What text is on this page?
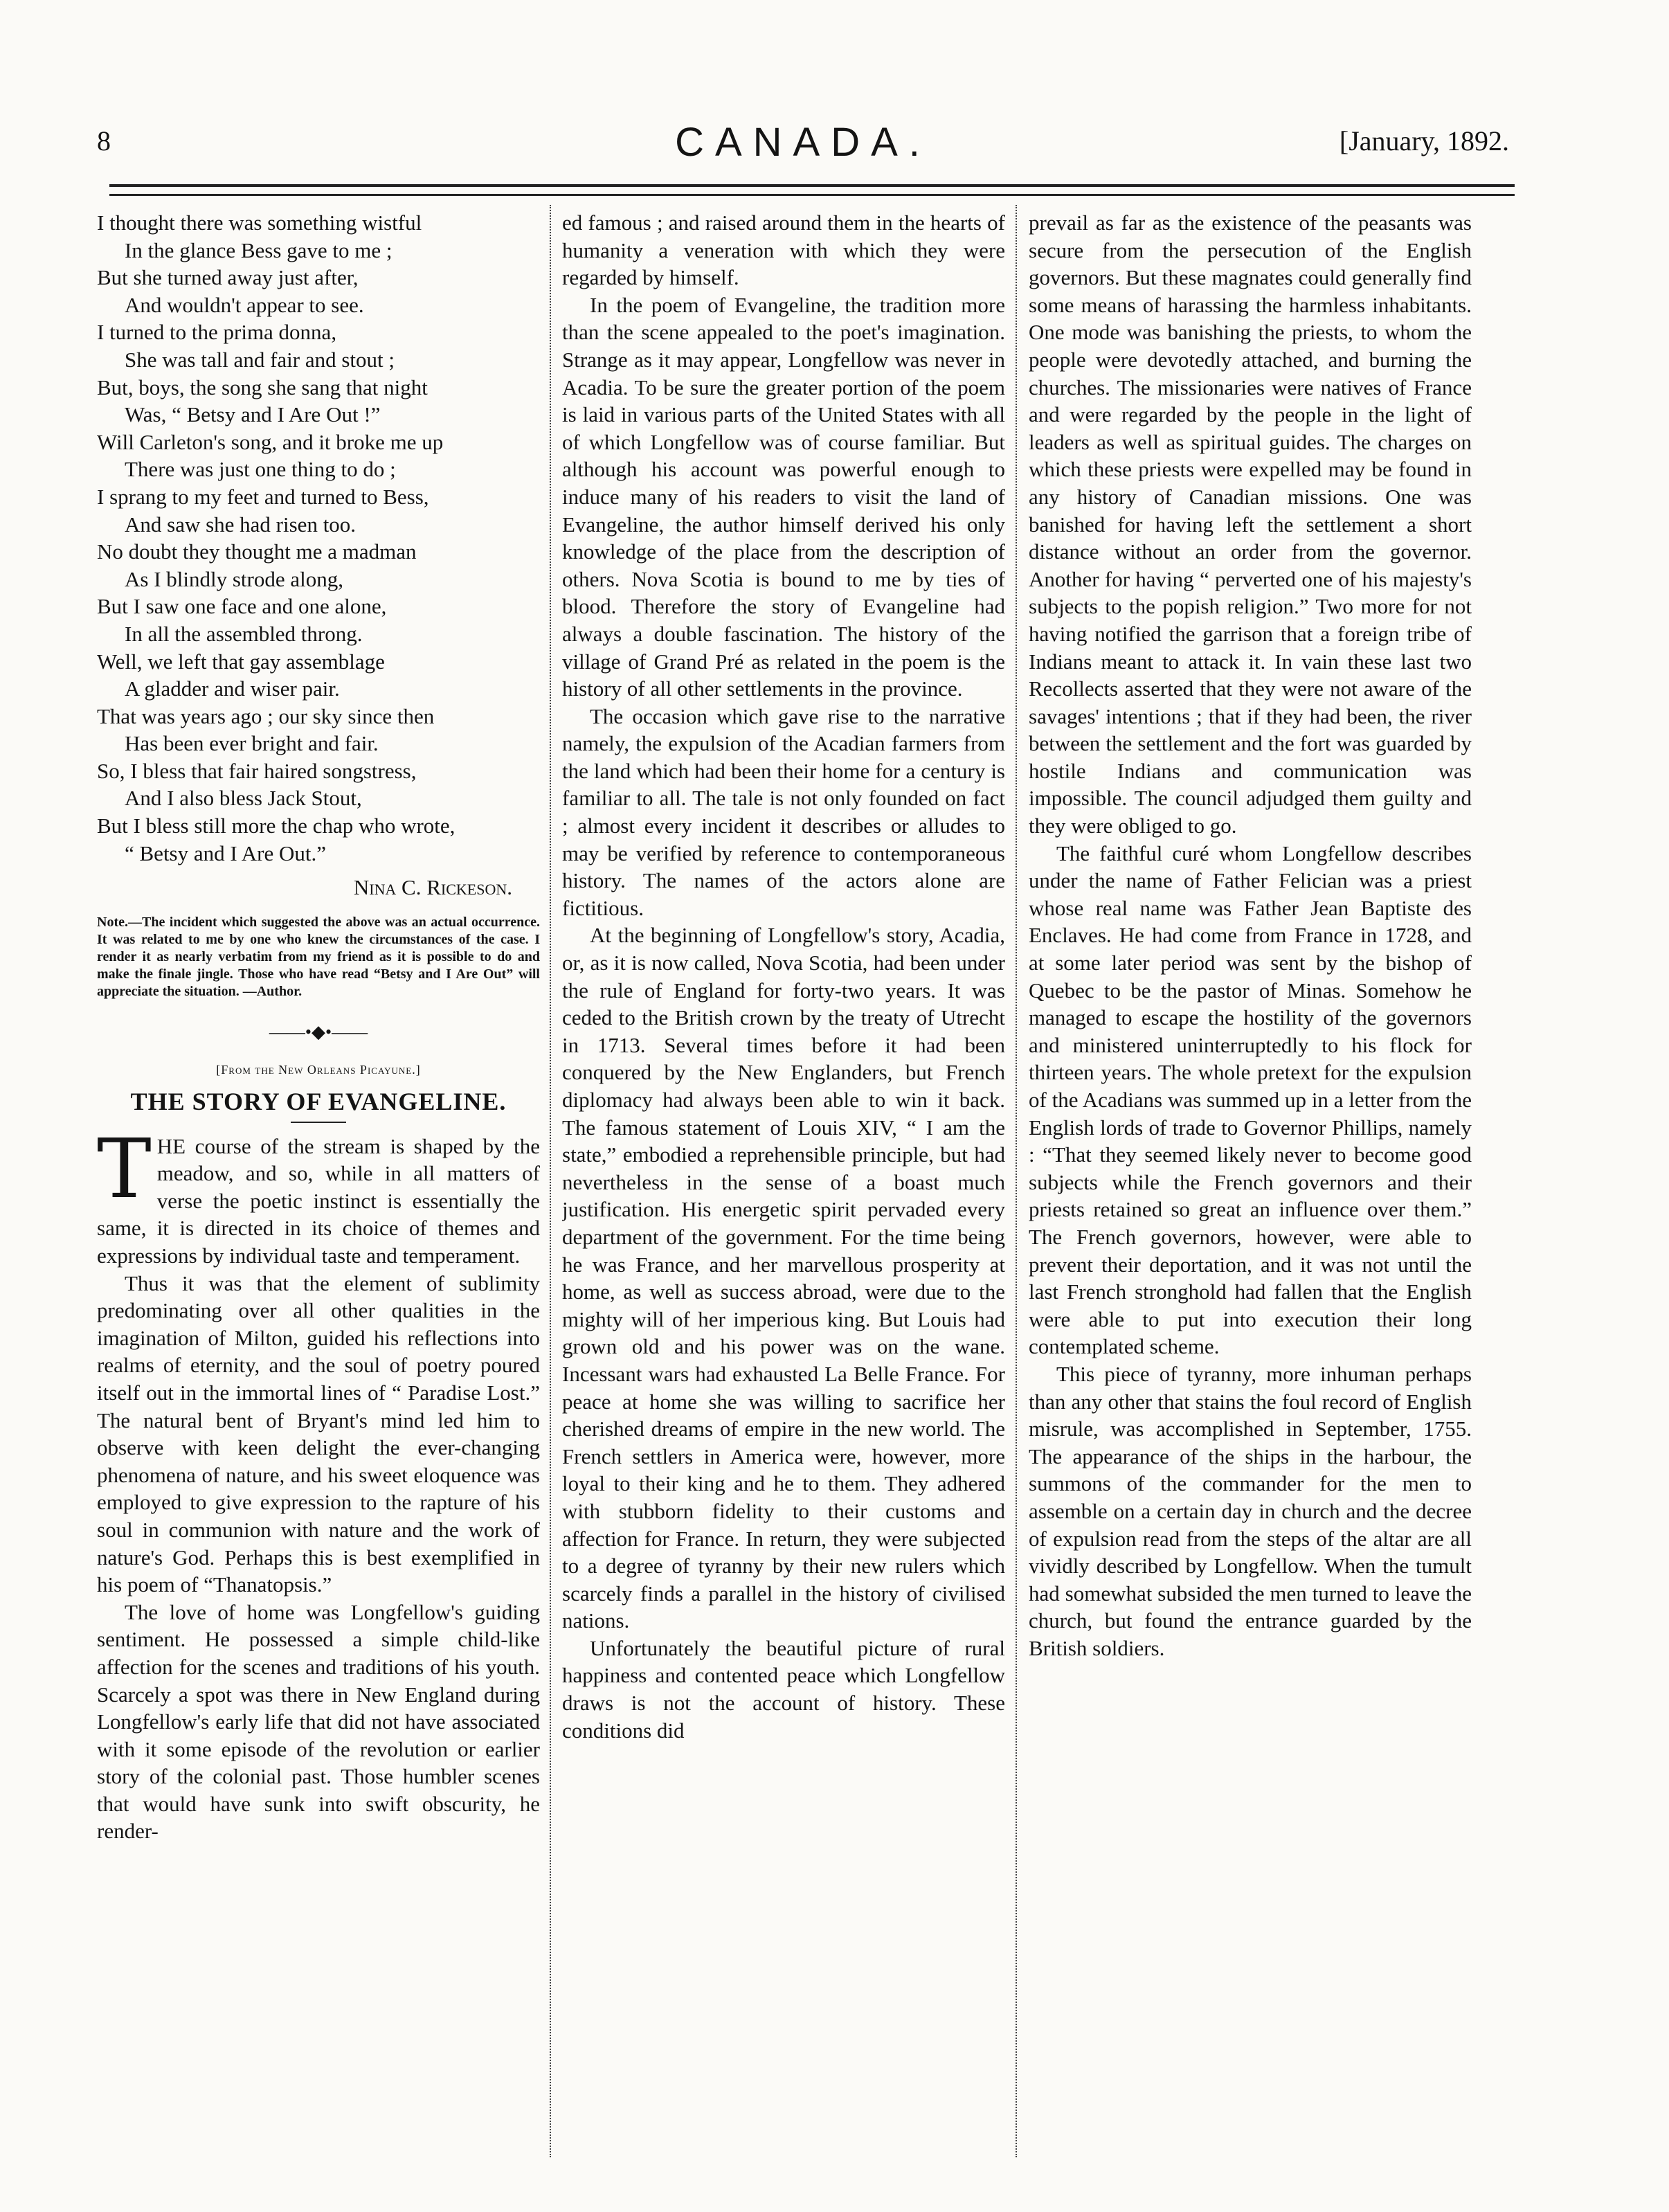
8	CANADA.	[January, 1892.
I thought there was something wistful
In the glance Bess gave to me ;
But she turned away just after,
And wouldn't appear to see.
I turned to the prima donna,
She was tall and fair and stout ;
But, boys, the song she sang that night
Was, “ Betsy and I Are Out !”
Will Carleton's song, and it broke me up
There was just one thing to do ;
I sprang to my feet and turned to Bess,
And saw she had risen too.
No doubt they thought me a madman
As I blindly strode along,
But I saw one face and one alone,
In all the assembled throng.
Well, we left that gay assemblage
A gladder and wiser pair.
That was years ago ; our sky since then
Has been ever bright and fair.
So, I bless that fair haired songstress,
And I also bless Jack Stout,
But I bless still more the chap who wrote,
“ Betsy and I Are Out.”
Nina C. Rickeson.
Note.—The incident which suggested the above was an actual occurrence. It was related to me by one who knew the circumstances of the case. I render it as nearly verbatim from my friend as it is possible to do and make the finale jingle. Those who have read “Betsy and I Are Out” will appreciate the situation. —Author.
——•◆•——
[From the New Orleans Picayune.]
THE STORY OF EVANGELINE.

THE course of the stream is shaped by the meadow, and so, while in all matters of verse the poetic instinct is essentially the same, it is directed in its choice of themes and expressions by individual taste and temperament.

Thus it was that the element of sublimity predominating over all other qualities in the imagination of Milton, guided his reflections into realms of eternity, and the soul of poetry poured itself out in the immortal lines of “ Paradise Lost.” The natural bent of Bryant's mind led him to observe with keen delight the ever-changing phenomena of nature, and his sweet eloquence was employed to give expression to the rapture of his soul in communion with nature and the work of nature's God. Perhaps this is best exemplified in his poem of “Thanatopsis.”

The love of home was Longfellow's guiding sentiment. He possessed a simple child-like affection for the scenes and traditions of his youth. Scarcely a spot was there in New England during Longfellow's early life that did not have associated with it some episode of the revolution or earlier story of the colonial past. Those humbler scenes that would have sunk into swift obscurity, he render-

ed famous ; and raised around them in the hearts of humanity a veneration with which they were regarded by himself.

In the poem of Evangeline, the tradition more than the scene appealed to the poet's imagination. Strange as it may appear, Longfellow was never in Acadia. To be sure the greater portion of the poem is laid in various parts of the United States with all of which Longfellow was of course familiar. But although his account was powerful enough to induce many of his readers to visit the land of Evangeline, the author himself derived his only knowledge of the place from the description of others. Nova Scotia is bound to me by ties of blood. Therefore the story of Evangeline had always a double fascination. The history of the village of Grand Pré as related in the poem is the history of all other settlements in the province.

The occasion which gave rise to the narrative namely, the expulsion of the Acadian farmers from the land which had been their home for a century is familiar to all. The tale is not only founded on fact ; almost every incident it describes or alludes to may be verified by reference to contemporaneous history. The names of the actors alone are fictitious.

At the beginning of Longfellow's story, Acadia, or, as it is now called, Nova Scotia, had been under the rule of England for forty-two years. It was ceded to the British crown by the treaty of Utrecht in 1713. Several times before it had been conquered by the New Englanders, but French diplomacy had always been able to win it back. The famous statement of Louis XIV, “ I am the state,” embodied a reprehensible principle, but had nevertheless in the sense of a boast much justification. His energetic spirit pervaded every department of the government. For the time being he was France, and her marvellous prosperity at home, as well as success abroad, were due to the mighty will of her imperious king. But Louis had grown old and his power was on the wane. Incessant wars had exhausted La Belle France. For peace at home she was willing to sacrifice her cherished dreams of empire in the new world. The French settlers in America were, however, more loyal to their king and he to them. They adhered with stubborn fidelity to their customs and affection for France. In return, they were subjected to a degree of tyranny by their new rulers which scarcely finds a parallel in the history of civilised nations.

Unfortunately the beautiful picture of rural happiness and contented peace which Longfellow draws is not the account of history. These conditions did

prevail as far as the existence of the peasants was secure from the persecution of the English governors. But these magnates could generally find some means of harassing the harmless inhabitants. One mode was banishing the priests, to whom the people were devotedly attached, and burning the churches. The missionaries were natives of France and were regarded by the people in the light of leaders as well as spiritual guides. The charges on which these priests were expelled may be found in any history of Canadian missions. One was banished for having left the settlement a short distance without an order from the governor. Another for having “ perverted one of his majesty's subjects to the popish religion.” Two more for not having notified the garrison that a foreign tribe of Indians meant to attack it. In vain these last two Recollects asserted that they were not aware of the savages' intentions ; that if they had been, the river between the settlement and the fort was guarded by hostile Indians and communication was impossible. The council adjudged them guilty and they were obliged to go.

The faithful curé whom Longfellow describes under the name of Father Felician was a priest whose real name was Father Jean Baptiste des Enclaves. He had come from France in 1728, and at some later period was sent by the bishop of Quebec to be the pastor of Minas. Somehow he managed to escape the hostility of the governors and ministered uninterruptedly to his flock for thirteen years. The whole pretext for the expulsion of the Acadians was summed up in a letter from the English lords of trade to Governor Phillips, namely : “That they seemed likely never to become good subjects while the French governors and their priests retained so great an influence over them.” The French governors, however, were able to prevent their deportation, and it was not until the last French stronghold had fallen that the English were able to put into execution their long contemplated scheme.

This piece of tyranny, more inhuman perhaps than any other that stains the foul record of English misrule, was accomplished in September, 1755. The appearance of the ships in the harbour, the summons of the commander for the men to assemble on a certain day in church and the decree of expulsion read from the steps of the altar are all vividly described by Longfellow. When the tumult had somewhat subsided the men turned to leave the church, but found the entrance guarded by the British soldiers.
